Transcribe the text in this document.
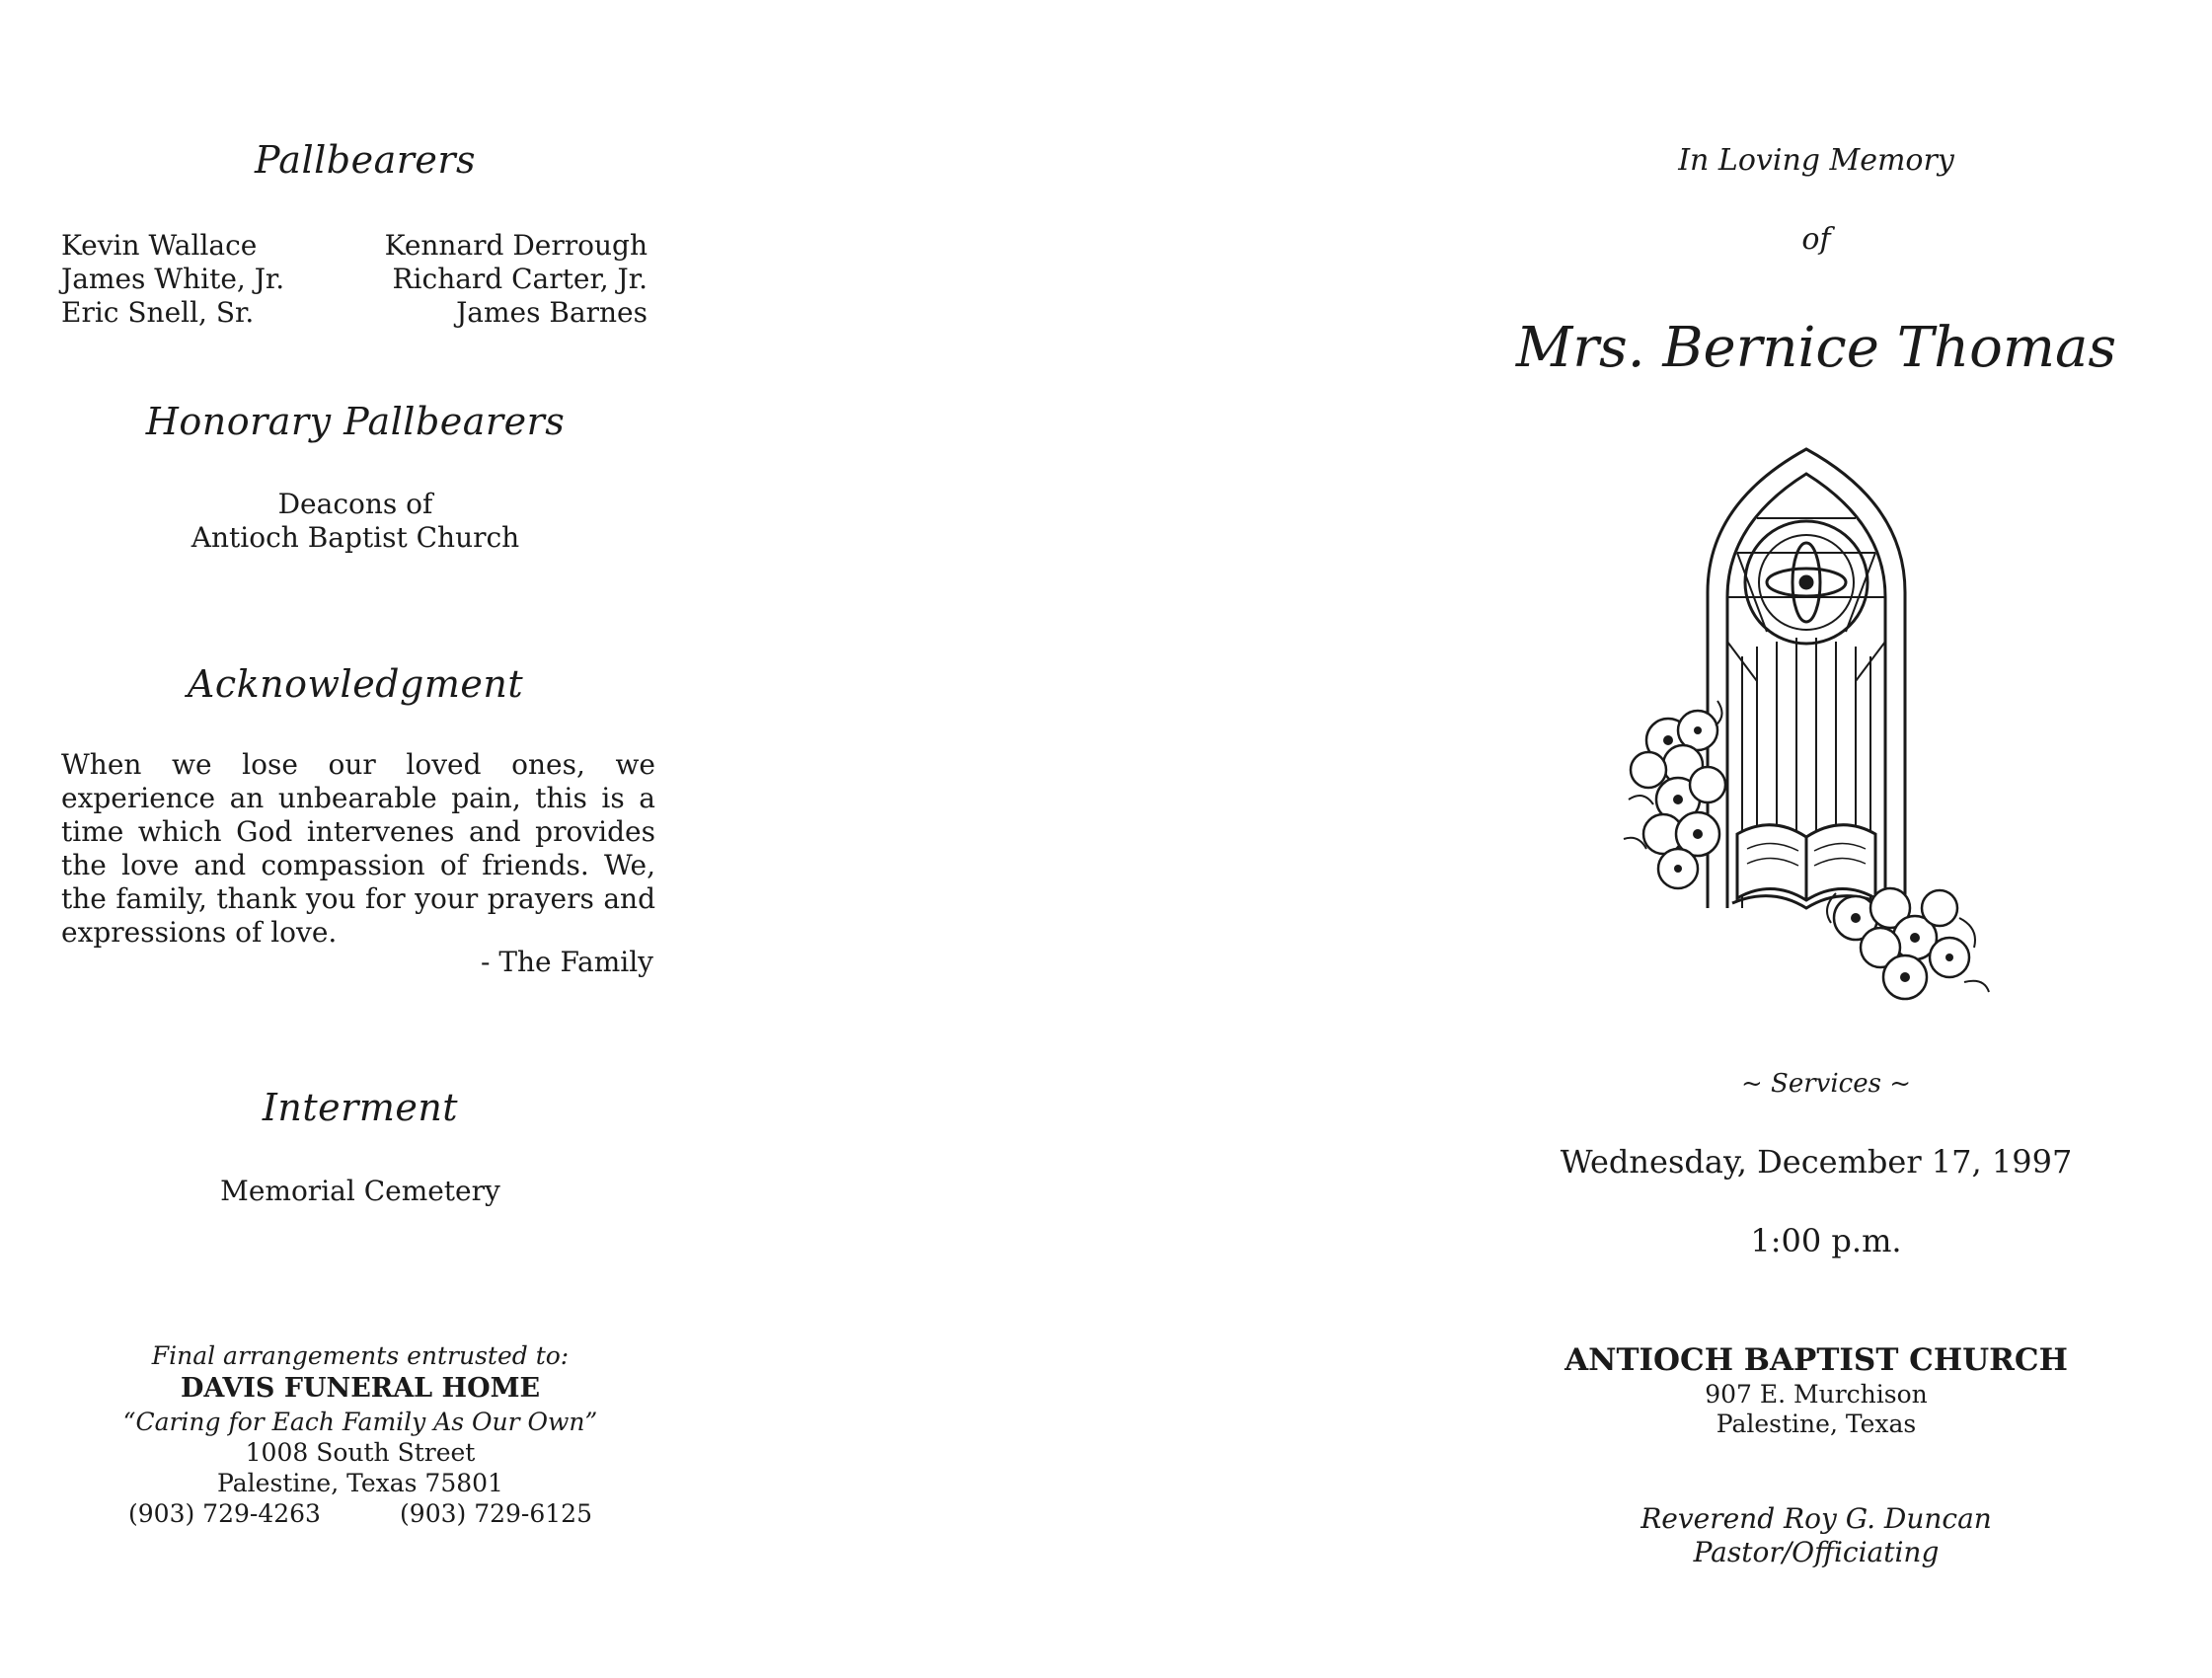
Pallbearers
Kevin Wallace
James White, Jr.
Eric Snell, Sr.
Kennard Derrough
Richard Carter, Jr.
James Barnes
Honorary Pallbearers
Deacons of
Antioch Baptist Church
Acknowledgment
When we lose our loved ones, we experience an unbearable pain, this is a time which God intervenes and provides the love and compassion of friends. We, the family, thank you for your prayers and expressions of love.
- The Family
Interment
Memorial Cemetery
Final arrangements entrusted to:
DAVIS FUNERAL HOME
“Caring for Each Family As Our Own”
1008 South Street
Palestine, Texas 75801
(903) 729-4263	(903) 729-6125
In Loving Memory
of
Mrs. Bernice Thomas
~ Services ~
Wednesday, December 17, 1997
1:00 p.m.
ANTIOCH BAPTIST CHURCH
907 E. Murchison
Palestine, Texas
Reverend Roy G. Duncan
Pastor/Officiating
